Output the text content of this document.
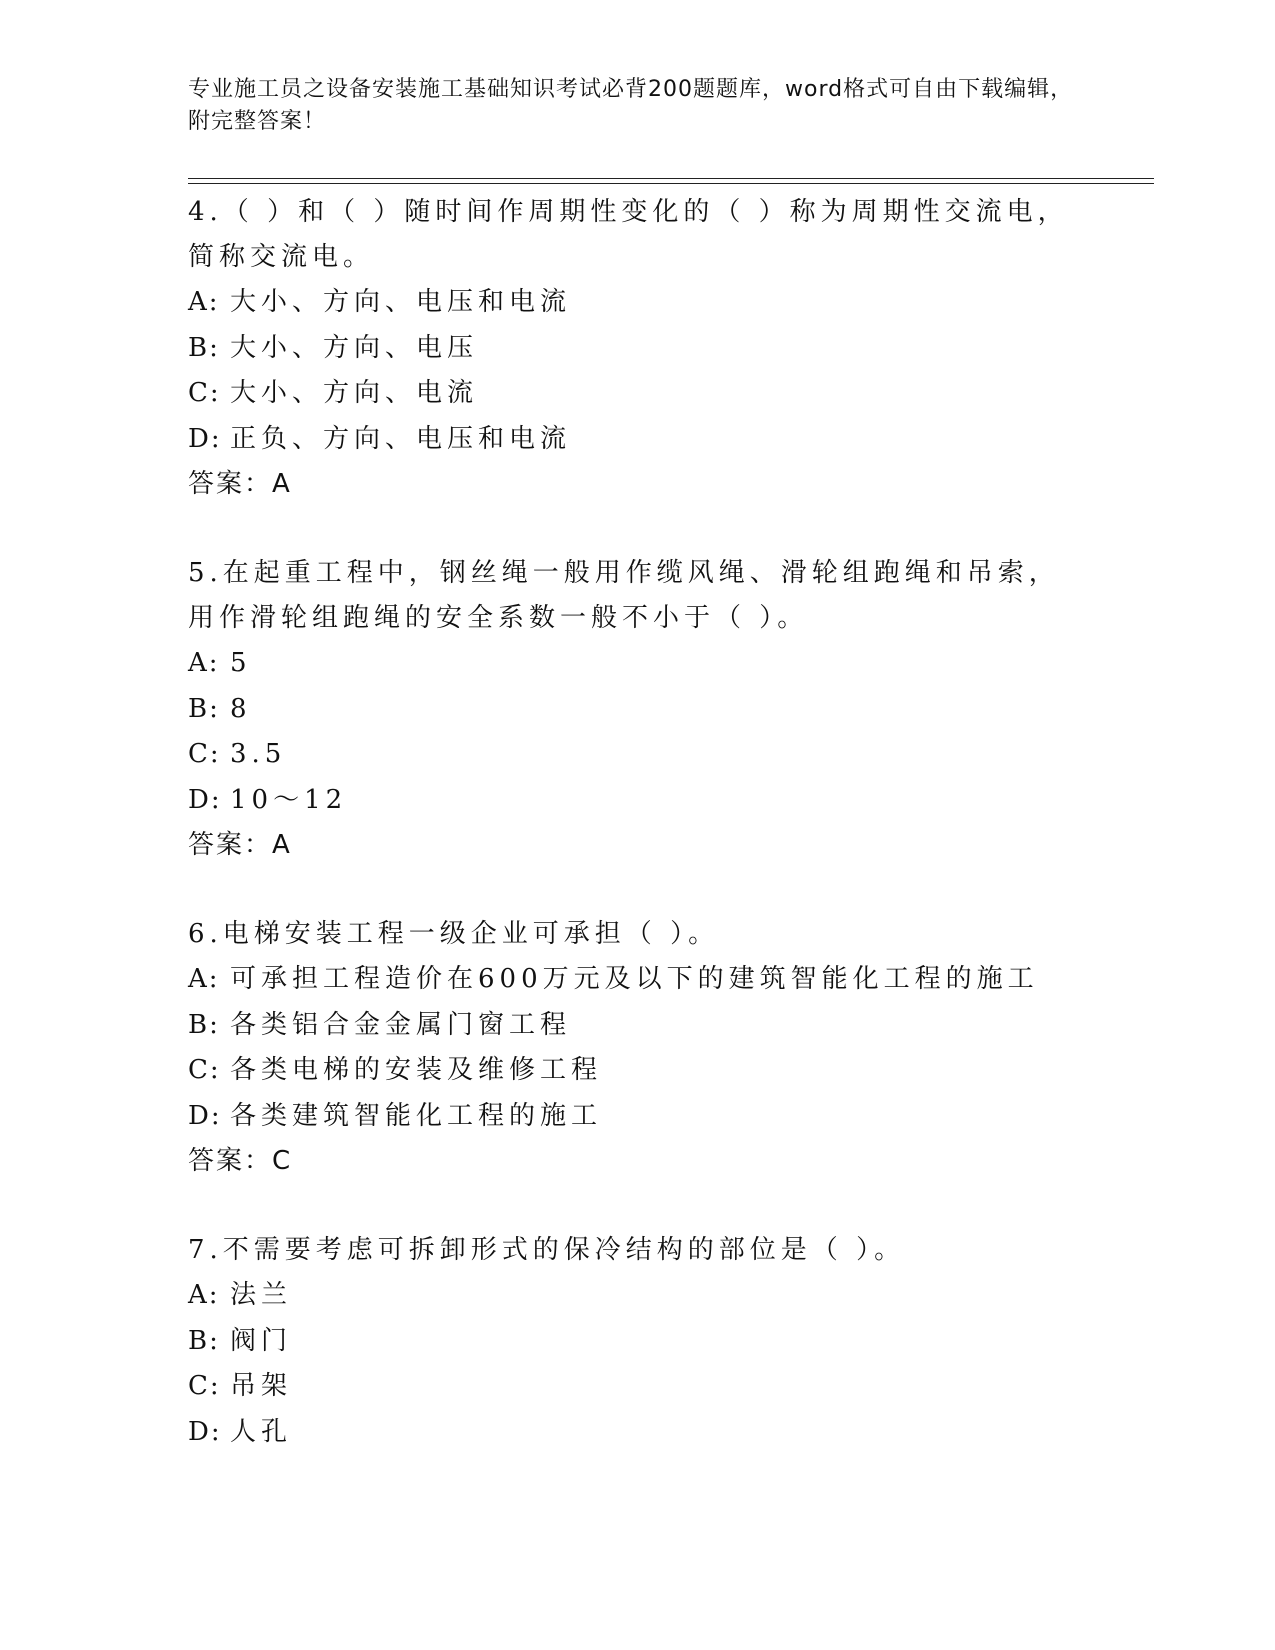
专业施工员之设备安装施工基础知识考试必背200题题库，word格式可自由下载编辑，附完整答案！
4.（ ）和（ ）随时间作周期性变化的（ ）称为周期性交流电，简称交流电。
A: 大小、方向、电压和电流
B: 大小、方向、电压
C: 大小、方向、电流
D: 正负、方向、电压和电流
答案：A
5.在起重工程中，钢丝绳一般用作缆风绳、滑轮组跑绳和吊索，用作滑轮组跑绳的安全系数一般不小于（ ）。
A: 5
B: 8
C: 3.5
D: 10～12
答案：A
6.电梯安装工程一级企业可承担（ ）。
A: 可承担工程造价在600万元及以下的建筑智能化工程的施工
B: 各类铝合金金属门窗工程
C: 各类电梯的安装及维修工程
D: 各类建筑智能化工程的施工
答案：C
7.不需要考虑可拆卸形式的保冷结构的部位是（ ）。
A: 法兰
B: 阀门
C: 吊架
D: 人孔
